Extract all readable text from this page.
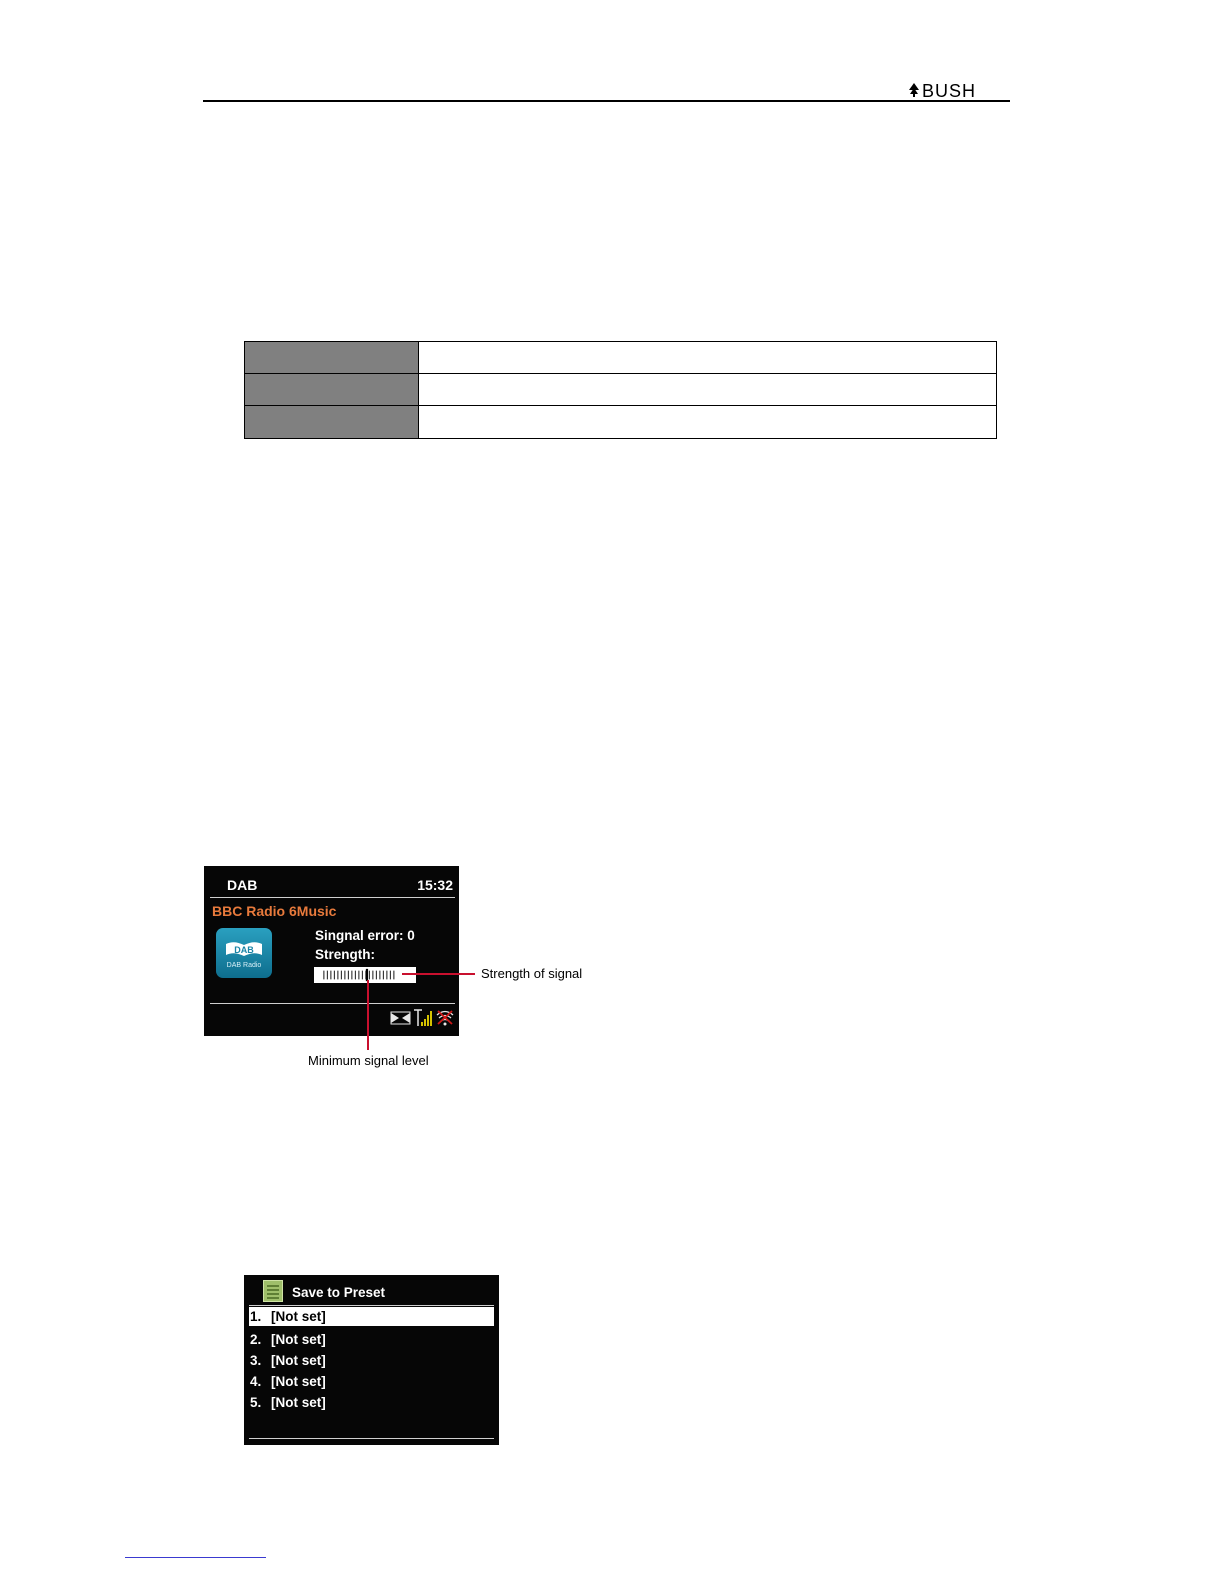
BUSH
DAB	15:32
BBC Radio 6Music
DAB
DAB Radio
Singnal error: 0
Strength:
Strength of signal
Minimum signal level
Save to Preset
1. [Not set]
2. [Not set]
3. [Not set]
4. [Not set]
5. [Not set]
